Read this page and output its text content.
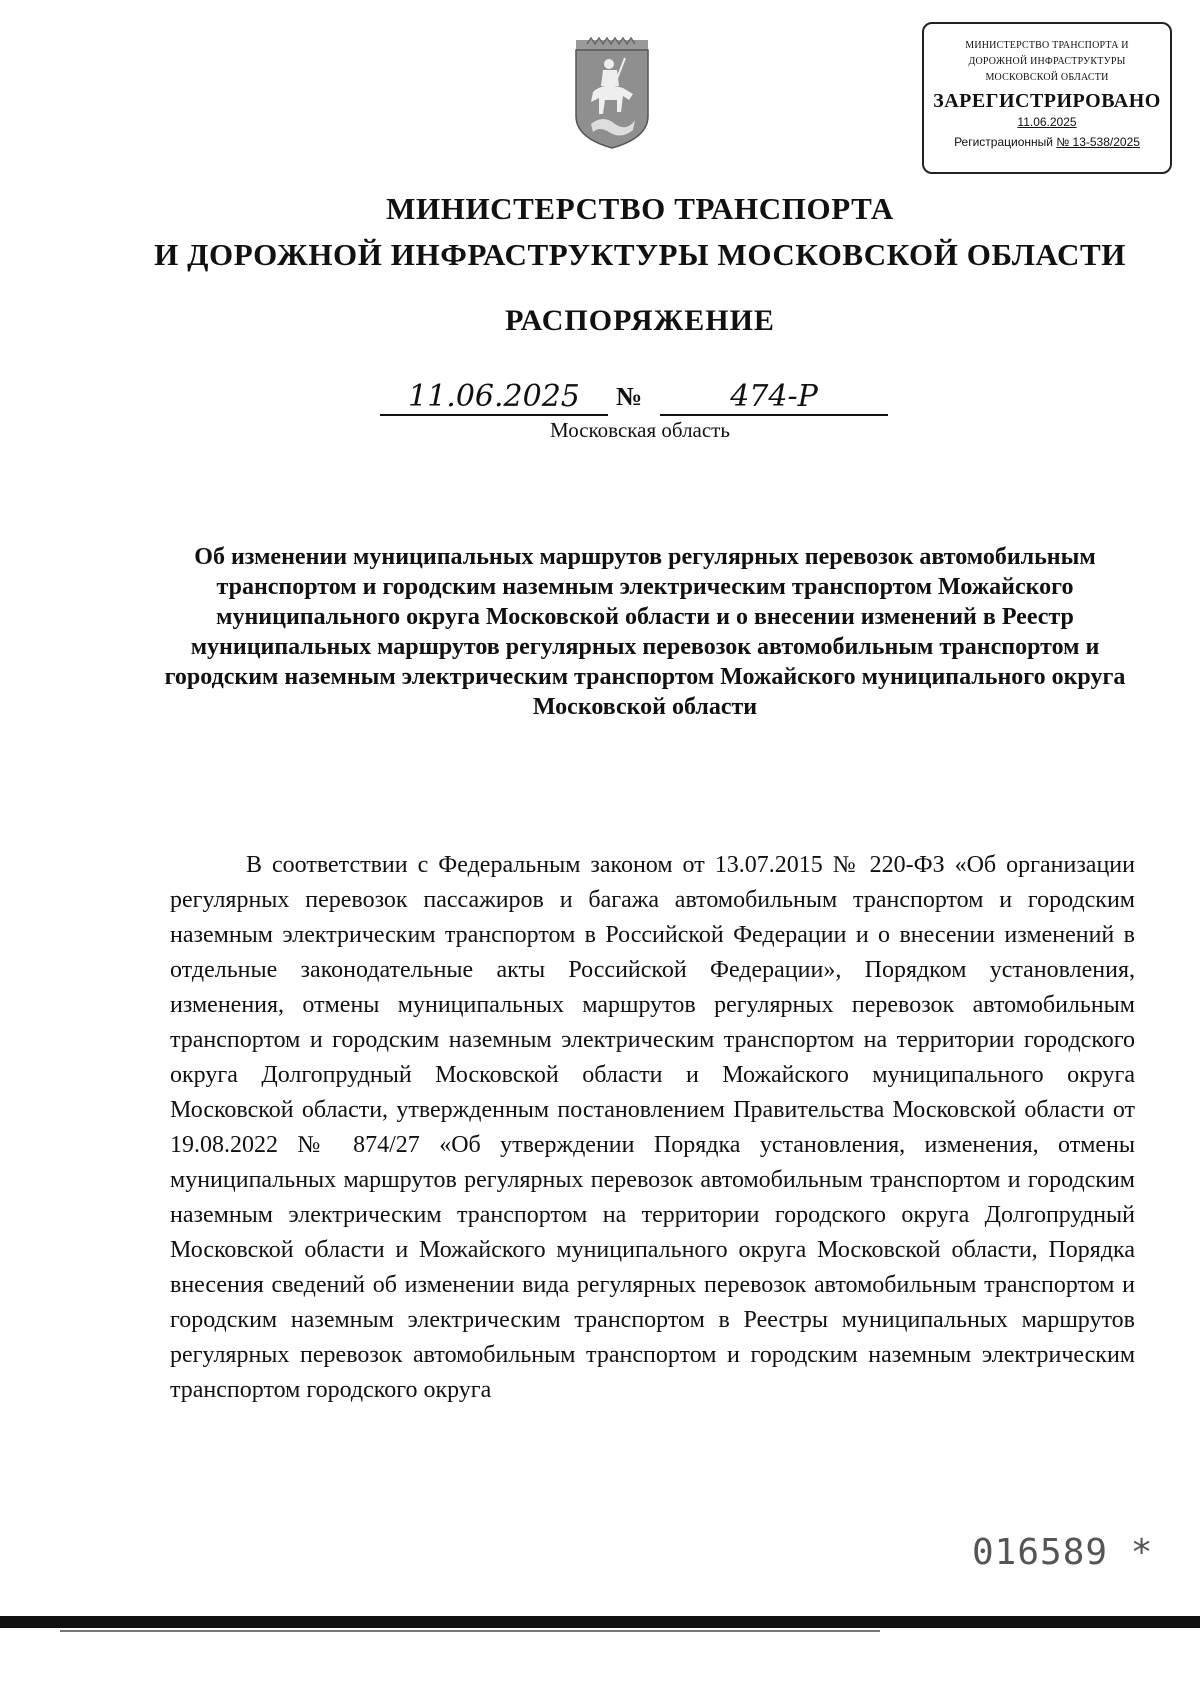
МИНИСТЕРСТВО ТРАНСПОРТА И
ДОРОЖНОЙ ИНФРАСТРУКТУРЫ
МОСКОВСКОЙ ОБЛАСТИ
ЗАРЕГИСТРИРОВАНО
11.06.2025
Регистрационный № 13-538/2025
МИНИСТЕРСТВО ТРАНСПОРТА
И ДОРОЖНОЙ ИНФРАСТРУКТУРЫ МОСКОВСКОЙ ОБЛАСТИ
РАСПОРЯЖЕНИЕ
11.06.2025	№	474-Р
Московская область
Об изменении муниципальных маршрутов регулярных перевозок автомобильным транспортом и городским наземным электрическим транспортом Можайского муниципального округа Московской области и о внесении изменений в Реестр муниципальных маршрутов регулярных перевозок автомобильным транспортом и городским наземным электрическим транспортом Можайского муниципального округа Московской области

В соответствии с Федеральным законом от 13.07.2015 № 220-ФЗ «Об организации регулярных перевозок пассажиров и багажа автомобильным транспортом и городским наземным электрическим транспортом в Российской Федерации и о внесении изменений в отдельные законодательные акты Российской Федерации», Порядком установления, изменения, отмены муниципальных маршрутов регулярных перевозок автомобильным транспортом и городским наземным электрическим транспортом на территории городского округа Долгопрудный Московской области и Можайского муниципального округа Московской области, утвержденным постановлением Правительства Московской области от 19.08.2022 № 874/27 «Об утверждении Порядка установления, изменения, отмены муниципальных маршрутов регулярных перевозок автомобильным транспортом и городским наземным электрическим транспортом на территории городского округа Долгопрудный Московской области и Можайского муниципального округа Московской области, Порядка внесения сведений об изменении вида регулярных перевозок автомобильным транспортом и городским наземным электрическим транспортом в Реестры муниципальных маршрутов регулярных перевозок автомобильным транспортом и городским наземным электрическим транспортом городского округа

016589 *
